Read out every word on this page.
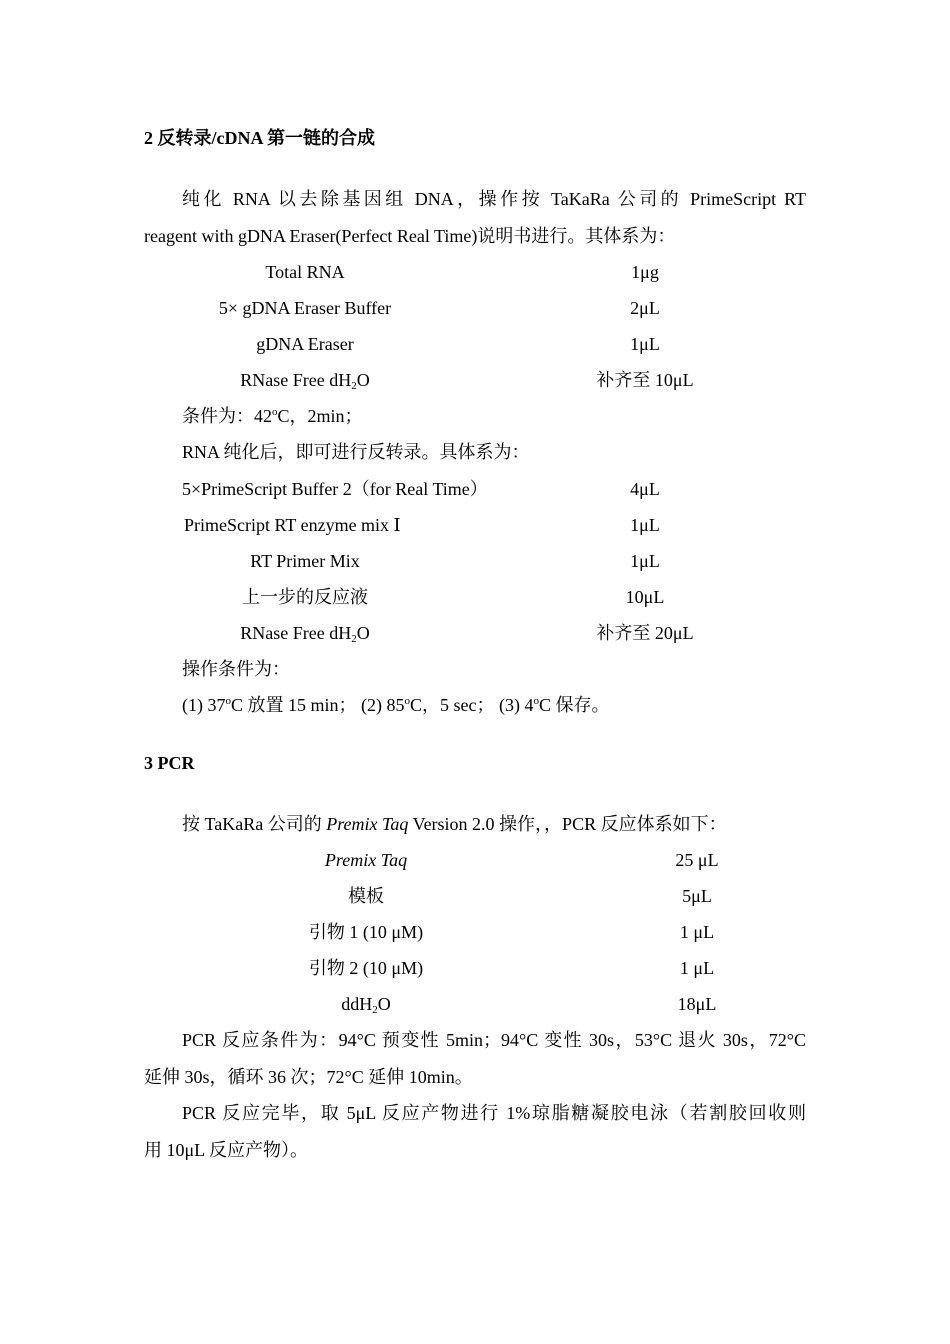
2 反转录/cDNA 第一链的合成
纯化 RNA 以去除基因组 DNA，操作按 TaKaRa 公司的 PrimeScript RT
reagent with gDNA Eraser(Perfect Real Time)说明书进行。其体系为：
Total RNA	1μg
5× gDNA Eraser Buffer	2μL
gDNA Eraser	1μL
RNase Free $dH_2O$	补齐至 10μL
条件为：42$^o$C，2min；
RNA 纯化后，即可进行反转录。具体系为：
5×PrimeScript Buffer 2（for Real Time）	4μL
PrimeScript RT enzyme mix Ⅰ	1μL
RT Primer Mix	1μL
上一步的反应液	10μL
RNase Free $dH_2O$	补齐至 20μL
操作条件为：
(1) 37$^o$C 放置 15 min； (2) 85$^o$C，5 sec； (3) 4$^o$C 保存。
3 PCR
按 TaKaRa 公司的 Premix Taq Version 2.0 操作，，PCR 反应体系如下：
Premix Taq	25 μL
模板	5μL
引物 1 (10 μM)	1 μL
引物 2 (10 μM)	1 μL
ddH$_2$O	18μL
PCR 反应条件为：94°C 预变性 5min；94°C 变性 30s，53°C 退火 30s，72°C
延伸 30s，循环 36 次；72°C 延伸 10min。
PCR 反应完毕，取 5μL 反应产物进行 1%琼脂糖凝胶电泳（若割胶回收则
用 10μL 反应产物）。
